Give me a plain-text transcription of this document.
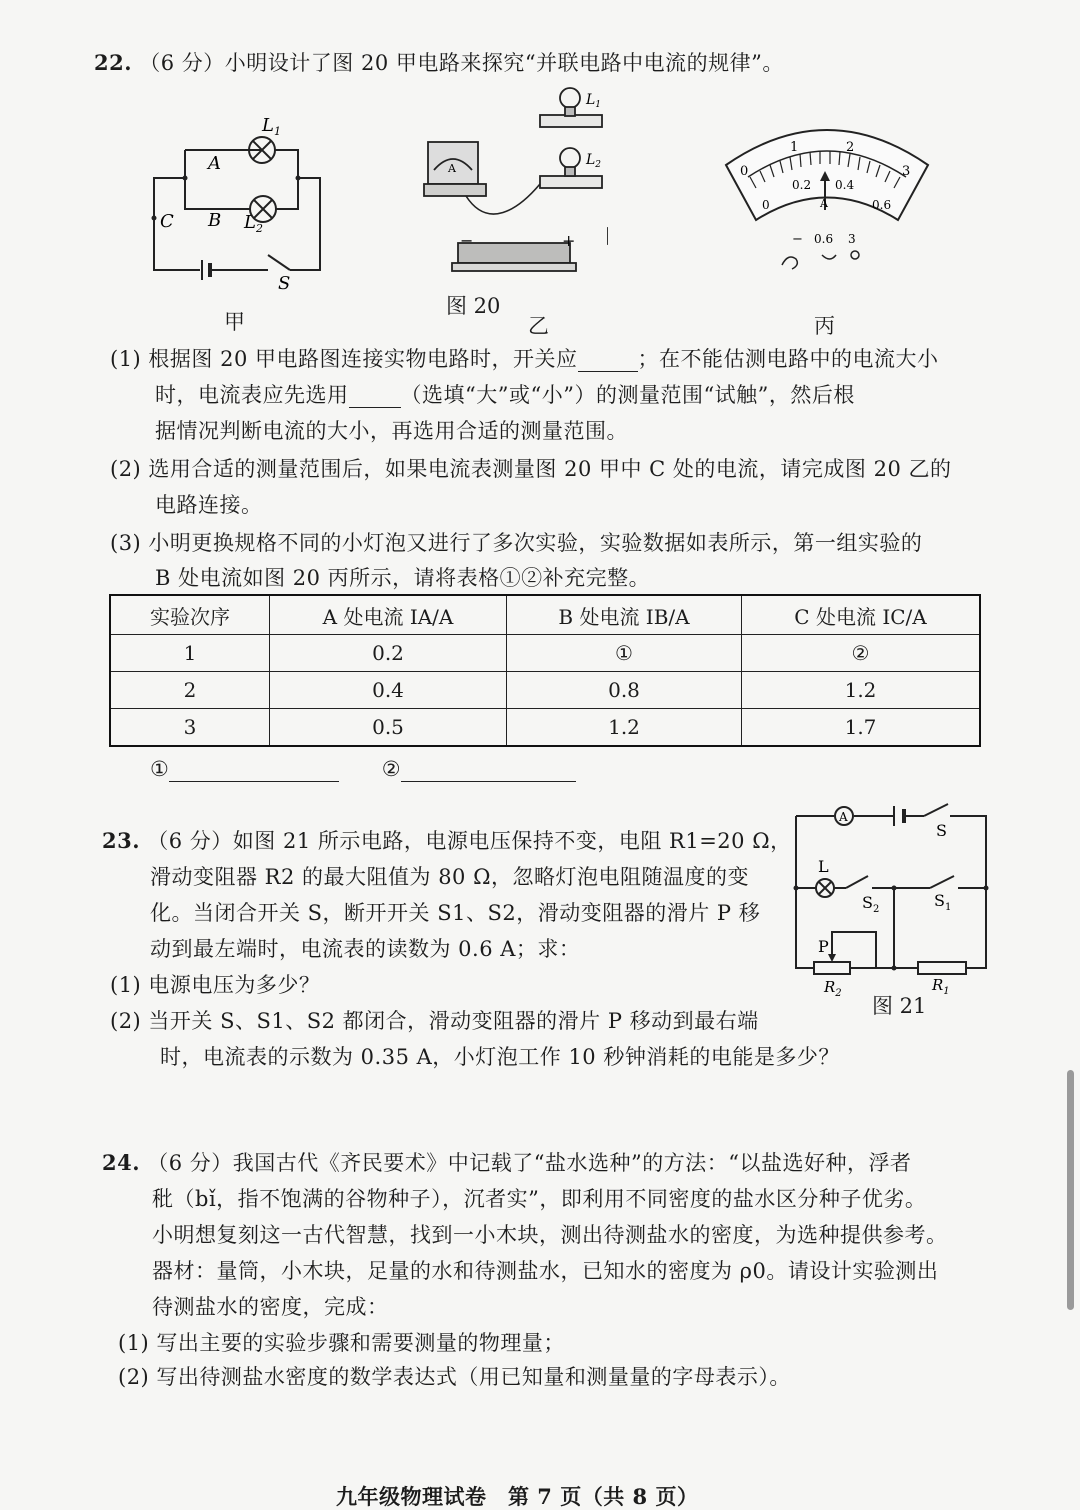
22. （6 分）小明设计了图 20 甲电路来探究“并联电路中电流的规律”。
$L_1$
$L_2$
A
B
C
S
甲
$L_1$
$L_2$
A
−	+
图 20
乙
0
1	2
3
0
0.2 0.4
0.6
A
− 0.6 3
丙
(1) 根据图 20 甲电路图连接实物电路时，开关应	；在不能估测电路中的电流大小
时，电流表应先选用 （选填“大”或“小”）的测量范围“试触”，然后根
据情况判断电流的大小，再选用合适的测量范围。
(2) 选用合适的测量范围后，如果电流表测量图 20 甲中 C 处的电流，请完成图 20 乙的
电路连接。
(3) 小明更换规格不同的小灯泡又进行了多次实验，实验数据如表所示，第一组实验的
B 处电流如图 20 丙所示，请将表格①②补充完整。
实验次序	A 处电流 IA/A	B 处电流 IB/A	C 处电流 IC/A
1	0.2	①	②
2	0.4	0.8	1.2
3	0.5	1.2	1.7
①	②
23. （6 分）如图 21 所示电路，电源电压保持不变，电阻 R1=20 Ω，
滑动变阻器 R2 的最大阻值为 80 Ω，忽略灯泡电阻随温度的变
化。当闭合开关 S，断开开关 S1、S2，滑动变阻器的滑片 P 移
动到最左端时，电流表的读数为 0.6 A；求：
(1) 电源电压为多少？
(2) 当开关 S、S1、S2 都闭合，滑动变阻器的滑片 P 移动到最右端
时，电流表的示数为 0.35 A，小灯泡工作 10 秒钟消耗的电能是多少？
A
S
L
$S_2$	$S_1$
P
$R_2$	$R_1$
图 21
24. （6 分）我国古代《齐民要术》中记载了“盐水选种”的方法：“以盐选好种，浮者
秕（bǐ，指不饱满的谷物种子），沉者实”，即利用不同密度的盐水区分种子优劣。
小明想复刻这一古代智慧，找到一小木块，测出待测盐水的密度，为选种提供参考。
器材：量筒，小木块，足量的水和待测盐水，已知水的密度为 ρ0。请设计实验测出
待测盐水的密度，完成：
(1) 写出主要的实验步骤和需要测量的物理量；
(2) 写出待测盐水密度的数学表达式（用已知量和测量量的字母表示）。
九年级物理试卷　第 7 页（共 8 页）
